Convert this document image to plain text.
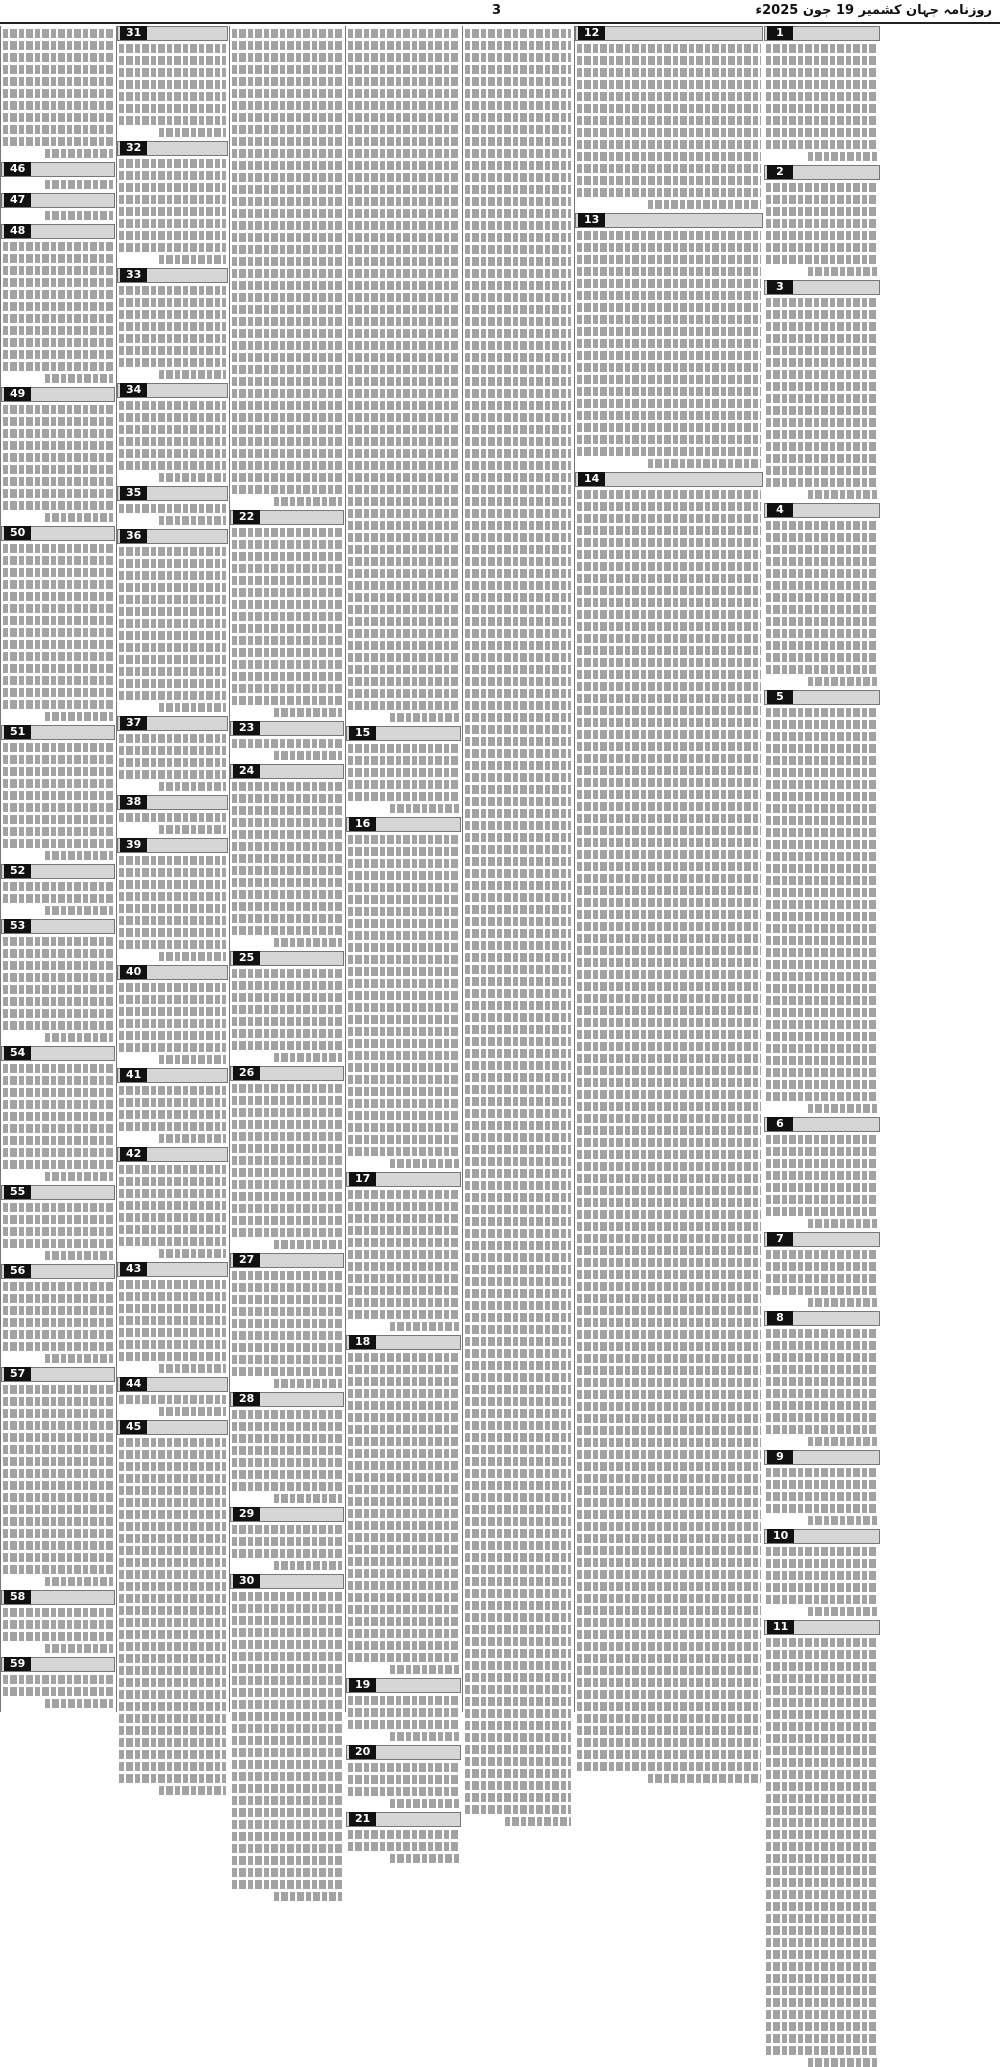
روزنامہ جہان کشمیر 19 جون 2025ء
3
1
2
3
4
5
6
7
8
9
10
11
12
13
14
15
16
17
18
19
20
21
22
23
24
25
26
27
28
29
30
31
32
33
34
35
36
37
38
39
40
41
42
43
44
45
46
47
48
49
50
51
52
53
54
55
56
57
58
59
